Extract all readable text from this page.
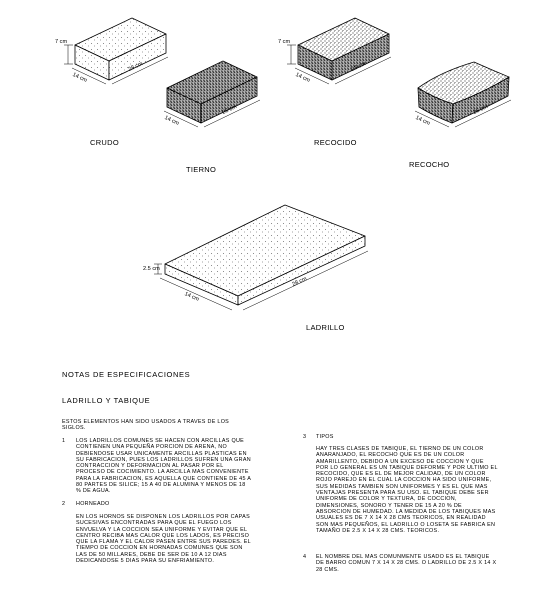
7 cm
14 cm
28 cm
14 cm
28 cm
7 cm
14 cm
28 cm
14 cm
28 cm
2.5 cm
14 cm
28 cm
CRUDO
TIERNO
RECOCIDO
RECOCHO
LADRILLO
NOTAS DE ESPECIFICACIONES
LADRILLO Y TABIQUE
ESTOS ELEMENTOS HAN SIDO USADOS A TRAVES DE LOS SIGLOS.
1 LOS LADRILLOS COMUNES SE HACEN CON ARCILLAS QUE CONTIENEN UNA PEQUEÑA PORCION DE ARENA, NO DEBIENDOSE USAR UNICAMENTE ARCILLAS PLASTICAS EN SU FABRICACION, PUES LOS LADRILLOS SUFREN UNA GRAN CONTRACCION Y DEFORMACION AL PASAR POR EL PROCESO DE COCIMIENTO. LA ARCILLA MAS CONVENIENTE PARA LA FABRICACION, ES AQUELLA QUE CONTIENE DE 45 A 80 PARTES DE SILICE; 15 A 40 DE ALUMINA Y MENOS DE 18 % DE AGUA.
2 HORNEADO
EN LOS HORNOS SE DISPONEN LOS LADRILLOS POR CAPAS SUCESIVAS ENCONTRADAS PARA QUE EL FUEGO LOS ENVUELVA Y LA COCCION SEA UNIFORME Y EVITAR QUE EL CENTRO RECIBA MAS CALOR QUE LOS LADOS, ES PRECISO QUE LA FLAMA Y EL CALOR PASEN ENTRE SUS PAREDES. EL TIEMPO DE COCCION EN HORNADAS COMUNES QUE SON LAS DE 50 MILLARES, DEBE DE SER DE 10 A 12 DIAS DEDICANDOSE 5 DIAS PARA SU ENFRIAMIENTO.
3 TIPOS
HAY TRES CLASES DE TABIQUE, EL TIERNO DE UN COLOR ANARANJADO, EL RECOCHO QUE ES DE UN COLOR AMARILLENTO, DEBIDO A UN EXCESO DE COCCION Y QUE POR LO GENERAL ES UN TABIQUE DEFORME Y POR ULTIMO EL RECOCIDO, QUE ES EL DE MEJOR CALIDAD, DE UN COLOR ROJO PAREJO EN EL CUAL LA COCCION HA SIDO UNIFORME, SUS MEDIDAS TAMBIEN SON UNIFORMES Y ES EL QUE MAS VENTAJAS PRESENTA PARA SU USO. EL TABIQUE DEBE SER UNIFORME DE COLOR Y TEXTURA, DE COCCION, DIMENSIONES, SONORO Y TENER DE 15 A 20 % DE ABSORCION DE HUMEDAD. LA MEDIDA DE LOS TABIQUES MAS USUALES ES DE 7 X 14 X 28 CMS TEORICOS, EN REALIDAD SON MAS PEQUEÑOS, EL LADRILLO O LOSETA SE FABRICA EN TAMAÑO DE 2.5 X 14 X 28 CMS. TEORICOS.
4 EL NOMBRE DEL MAS COMUNMENTE USADO ES EL TABIQUE DE BARRO COMUN 7 X 14 X 28 CMS. O LADRILLO DE 2.5 X 14 X 28 CMS.
